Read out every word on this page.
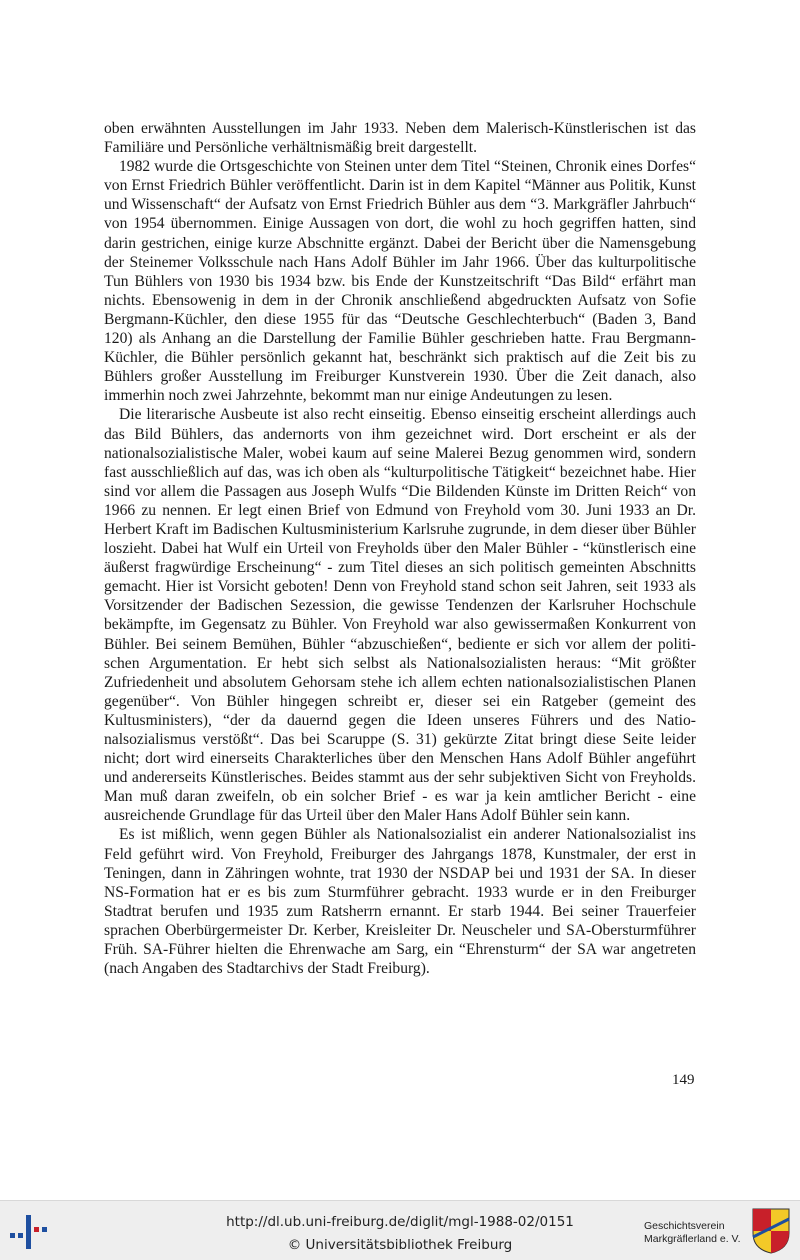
oben erwähnten Ausstellungen im Jahr 1933. Neben dem Malerisch-Künstlerischen ist das Familiäre und Persönliche verhältnismäßig breit dargestellt.

1982 wurde die Ortsgeschichte von Steinen unter dem Titel “Steinen, Chronik eines Dorfes“ von Ernst Friedrich Bühler veröffentlicht. Darin ist in dem Kapitel “Männer aus Politik, Kunst und Wissenschaft“ der Aufsatz von Ernst Friedrich Bühler aus dem “3. Markgräfler Jahrbuch“ von 1954 übernommen. Einige Aussagen von dort, die wohl zu hoch gegriffen hatten, sind darin gestrichen, einige kurze Abschnitte ergänzt. Dabei der Bericht über die Namensgebung der Steinemer Volksschule nach Hans Adolf Bühler im Jahr 1966. Über das kulturpolitische Tun Bühlers von 1930 bis 1934 bzw. bis Ende der Kunstzeitschrift “Das Bild“ erfährt man nichts. Ebensowenig in dem in der Chronik anschließend abgedruckten Aufsatz von Sofie Bergmann-Küchler, den diese 1955 für das “Deutsche Geschlechterbuch“ (Baden 3, Band 120) als Anhang an die Darstellung der Familie Bühler geschrieben hatte. Frau Bergmann-Küchler, die Bühler persönlich gekannt hat, beschränkt sich praktisch auf die Zeit bis zu Bühlers großer Ausstellung im Freiburger Kunstverein 1930. Über die Zeit danach, also immerhin noch zwei Jahrzehnte, bekommt man nur einige Andeutungen zu lesen.

Die literarische Ausbeute ist also recht einseitig. Ebenso einseitig erscheint allerdings auch das Bild Bühlers, das andernorts von ihm gezeichnet wird. Dort erscheint er als der nationalsozialistische Maler, wobei kaum auf seine Malerei Bezug genommen wird, sondern fast ausschließlich auf das, was ich oben als “kulturpolitische Tätigkeit“ bezeichnet habe. Hier sind vor allem die Passagen aus Joseph Wulfs “Die Bildenden Künste im Dritten Reich“ von 1966 zu nennen. Er legt einen Brief von Edmund von Freyhold vom 30. Juni 1933 an Dr. Herbert Kraft im Badischen Kultusministerium Karlsruhe zugrunde, in dem dieser über Bühler loszieht. Dabei hat Wulf ein Urteil von Freyholds über den Maler Bühler - “künstlerisch eine äußerst fragwürdige Erscheinung“ - zum Titel dieses an sich politisch gemeinten Abschnitts gemacht. Hier ist Vorsicht geboten! Denn von Freyhold stand schon seit Jahren, seit 1933 als Vorsitzender der Badischen Sezession, die gewisse Tendenzen der Karlsruher Hochschule bekämpfte, im Gegensatz zu Bühler. Von Freyhold war also gewissermaßen Konkurrent von Bühler. Bei seinem Bemühen, Bühler “abzuschießen“, bediente er sich vor allem der politischen Argumentation. Er hebt sich selbst als Nationalsozialisten heraus: “Mit größter Zufriedenheit und absolutem Gehorsam stehe ich allem echten nationalsozialistischen Planen gegenüber“. Von Bühler hingegen schreibt er, dieser sei ein Ratgeber (gemeint des Kultusministers), “der da dauernd gegen die Ideen unseres Führers und des Nationalsozialismus verstößt“. Das bei Scaruppe (S. 31) gekürzte Zitat bringt diese Seite leider nicht; dort wird einerseits Charakterliches über den Menschen Hans Adolf Bühler angeführt und andererseits Künstlerisches. Beides stammt aus der sehr subjektiven Sicht von Freyholds. Man muß daran zweifeln, ob ein solcher Brief - es war ja kein amtlicher Bericht - eine ausreichende Grundlage für das Urteil über den Maler Hans Adolf Bühler sein kann.

Es ist mißlich, wenn gegen Bühler als Nationalsozialist ein anderer Nationalsozialist ins Feld geführt wird. Von Freyhold, Freiburger des Jahrgangs 1878, Kunstmaler, der erst in Teningen, dann in Zähringen wohnte, trat 1930 der NSDAP bei und 1931 der SA. In dieser NS-Formation hat er es bis zum Sturmführer gebracht. 1933 wurde er in den Freiburger Stadtrat berufen und 1935 zum Ratsherrn ernannt. Er starb 1944. Bei seiner Trauerfeier sprachen Oberbürgermeister Dr. Kerber, Kreisleiter Dr. Neuscheler und SA-Obersturmführer Früh. SA-Führer hielten die Ehrenwache am Sarg, ein “Ehrensturm“ der SA war angetreten (nach Angaben des Stadtarchivs der Stadt Freiburg).

149
http://dl.ub.uni-freiburg.de/diglit/mgl-1988-02/0151
© Universitätsbibliothek Freiburg
Geschichtsverein
Markgräflerland e. V.
